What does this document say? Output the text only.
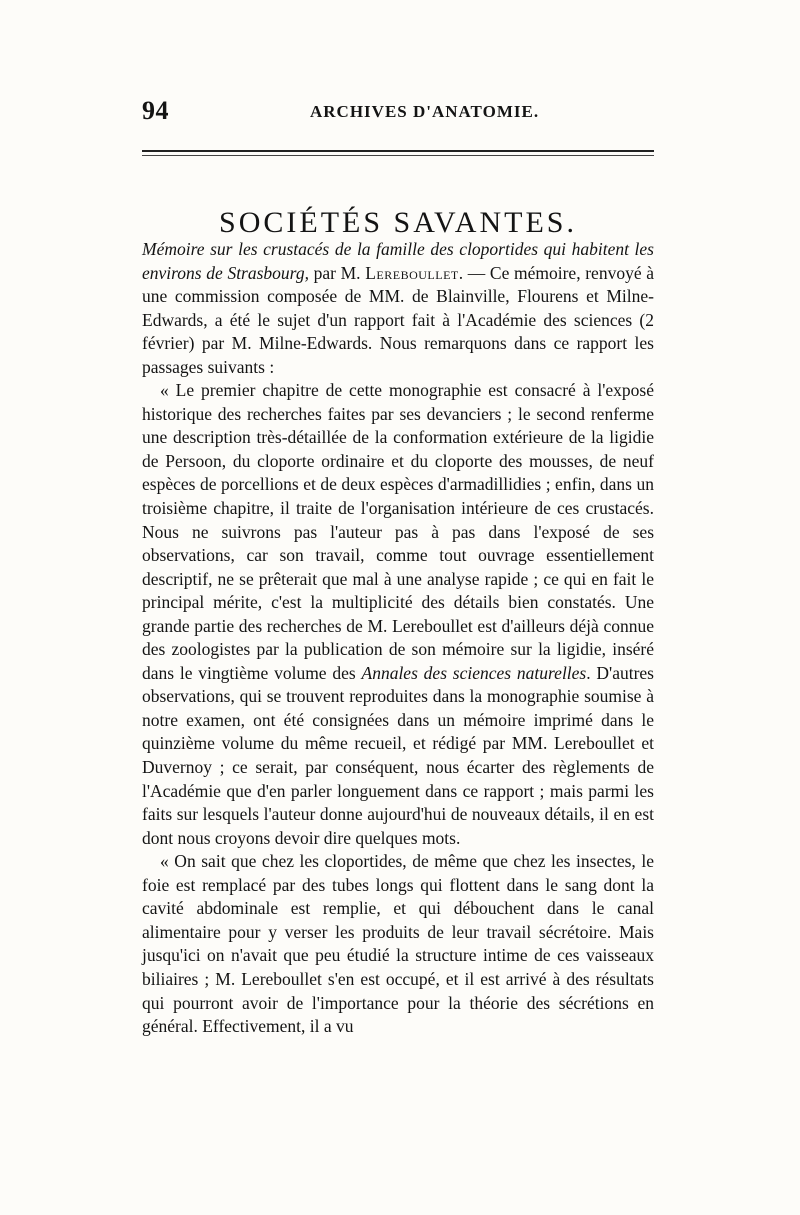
94	ARCHIVES D'ANATOMIE.
SOCIÉTÉS SAVANTES.

Mémoire sur les crustacés de la famille des cloportides qui habitent les environs de Strasbourg, par M. Lereboullet. — Ce mémoire, renvoyé à une commission composée de MM. de Blainville, Flourens et Milne-Edwards, a été le sujet d'un rapport fait à l'Académie des sciences (2 février) par M. Milne-Edwards. Nous remarquons dans ce rapport les passages suivants :

« Le premier chapitre de cette monographie est consacré à l'exposé historique des recherches faites par ses devanciers ; le second renferme une description très-détaillée de la conformation extérieure de la ligidie de Persoon, du cloporte ordinaire et du cloporte des mousses, de neuf espèces de porcellions et de deux espèces d'armadillidies ; enfin, dans un troisième chapitre, il traite de l'organisation intérieure de ces crustacés. Nous ne suivrons pas l'auteur pas à pas dans l'exposé de ses observations, car son travail, comme tout ouvrage essentiellement descriptif, ne se prêterait que mal à une analyse rapide ; ce qui en fait le principal mérite, c'est la multiplicité des détails bien constatés. Une grande partie des recherches de M. Lereboullet est d'ailleurs déjà connue des zoologistes par la publication de son mémoire sur la ligidie, inséré dans le vingtième volume des Annales des sciences naturelles. D'autres observations, qui se trouvent reproduites dans la monographie soumise à notre examen, ont été consignées dans un mémoire imprimé dans le quinzième volume du même recueil, et rédigé par MM. Lereboullet et Duvernoy ; ce serait, par conséquent, nous écarter des règlements de l'Académie que d'en parler longuement dans ce rapport ; mais parmi les faits sur lesquels l'auteur donne aujourd'hui de nouveaux détails, il en est dont nous croyons devoir dire quelques mots.

« On sait que chez les cloportides, de même que chez les insectes, le foie est remplacé par des tubes longs qui flottent dans le sang dont la cavité abdominale est remplie, et qui débouchent dans le canal alimentaire pour y verser les produits de leur travail sécrétoire. Mais jusqu'ici on n'avait que peu étudié la structure intime de ces vaisseaux biliaires ; M. Lereboullet s'en est occupé, et il est arrivé à des résultats qui pourront avoir de l'importance pour la théorie des sécrétions en général. Effectivement, il a vu
